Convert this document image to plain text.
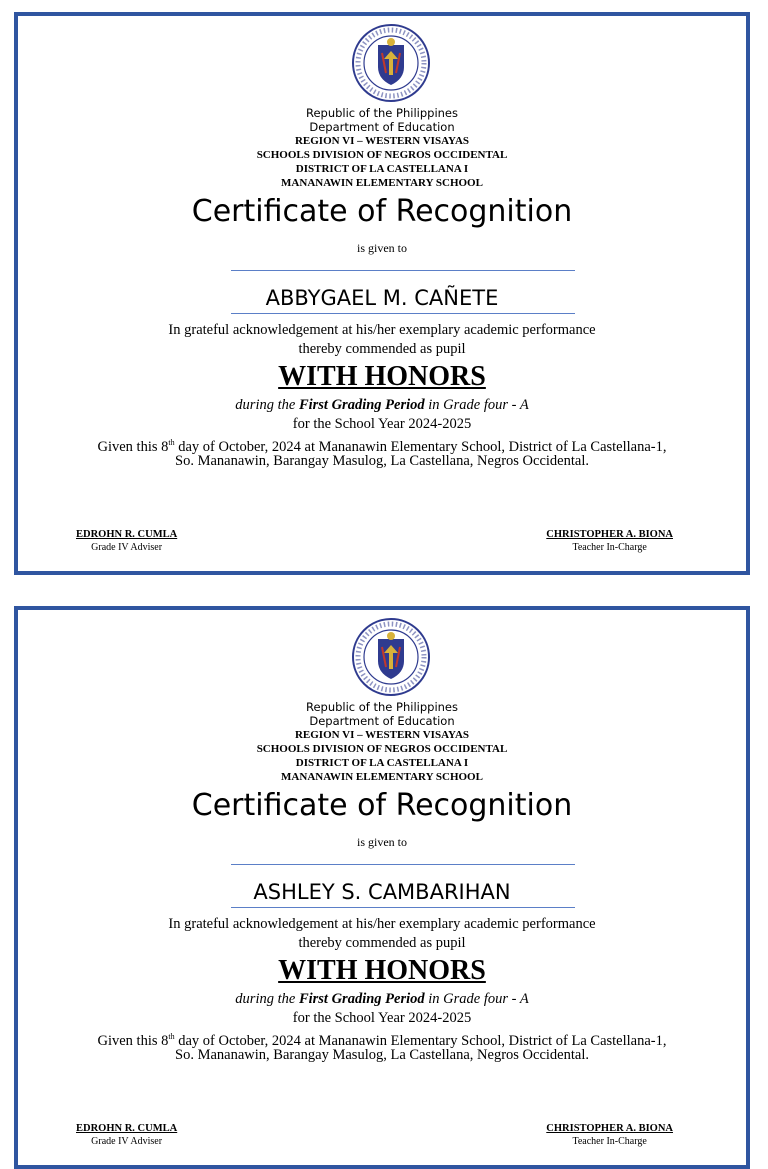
Republic of the Philippines
Department of Education
REGION VI – WESTERN VISAYAS
SCHOOLS DIVISION OF NEGROS OCCIDENTAL
DISTRICT OF LA CASTELLANA I
MANANAWIN ELEMENTARY SCHOOL
Certificate of Recognition
is given to
ABBYGAEL M. CAÑETE
In grateful acknowledgement at his/her exemplary academic performance
thereby commended as pupil
WITH HONORS
during the First Grading Period in Grade four - A
for the School Year 2024-2025
Given this 8th day of October, 2024 at Mananawin Elementary School, District of La Castellana-1,
So. Mananawin, Barangay Masulog, La Castellana, Negros Occidental.
EDROHN R. CUMLA
Grade IV Adviser
CHRISTOPHER A. BIONA
Teacher In-Charge
Republic of the Philippines
Department of Education
REGION VI – WESTERN VISAYAS
SCHOOLS DIVISION OF NEGROS OCCIDENTAL
DISTRICT OF LA CASTELLANA I
MANANAWIN ELEMENTARY SCHOOL
Certificate of Recognition
is given to
ASHLEY S. CAMBARIHAN
In grateful acknowledgement at his/her exemplary academic performance
thereby commended as pupil
WITH HONORS
during the First Grading Period in Grade four - A
for the School Year 2024-2025
Given this 8th day of October, 2024 at Mananawin Elementary School, District of La Castellana-1,
So. Mananawin, Barangay Masulog, La Castellana, Negros Occidental.
EDROHN R. CUMLA
Grade IV Adviser
CHRISTOPHER A. BIONA
Teacher In-Charge
